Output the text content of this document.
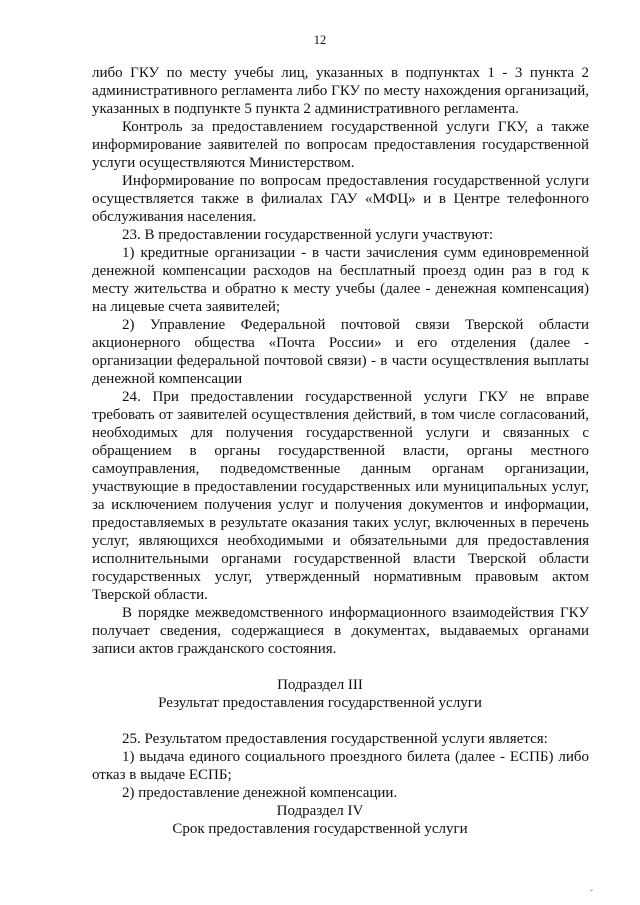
12
либо ГКУ по месту учебы лиц, указанных в подпунктах 1 - 3 пункта 2
административного регламента либо ГКУ по месту нахождения организаций,
указанных в подпункте 5 пункта 2 административного регламента.
Контроль за предоставлением государственной услуги ГКУ, а также
информирование заявителей по вопросам предоставления государственной
услуги осуществляются Министерством.
Информирование по вопросам предоставления государственной услуги
осуществляется также в филиалах ГАУ «МФЦ» и в Центре телефонного
обслуживания населения.
23. В предоставлении государственной услуги участвуют:
1) кредитные организации - в части зачисления сумм единовременной
денежной компенсации расходов на бесплатный проезд один раз в год к
месту жительства и обратно к месту учебы (далее - денежная компенсация)
на лицевые счета заявителей;
2) Управление Федеральной почтовой связи Тверской области
акционерного общества «Почта России» и его отделения (далее -
организации федеральной почтовой связи) - в части осуществления выплаты
денежной компенсации
24. При предоставлении государственной услуги ГКУ не вправе
требовать от заявителей осуществления действий, в том числе согласований,
необходимых для получения государственной услуги и связанных с
обращением в органы государственной власти, органы местного
самоуправления, подведомственные данным органам организации,
участвующие в предоставлении государственных или муниципальных услуг,
за исключением получения услуг и получения документов и информации,
предоставляемых в результате оказания таких услуг, включенных в перечень
услуг, являющихся необходимыми и обязательными для предоставления
исполнительными органами государственной власти Тверской области
государственных услуг, утвержденный нормативным правовым актом
Тверской области.
В порядке межведомственного информационного взаимодействия ГКУ
получает сведения, содержащиеся в документах, выдаваемых органами
записи актов гражданского состояния.
Подраздел III
Результат предоставления государственной услуги
25. Результатом предоставления государственной услуги является:
1) выдача единого социального проездного билета (далее - ЕСПБ) либо
отказ в выдаче ЕСПБ;
2) предоставление денежной компенсации.
Подраздел IV
Срок предоставления государственной услуги
ˇ
